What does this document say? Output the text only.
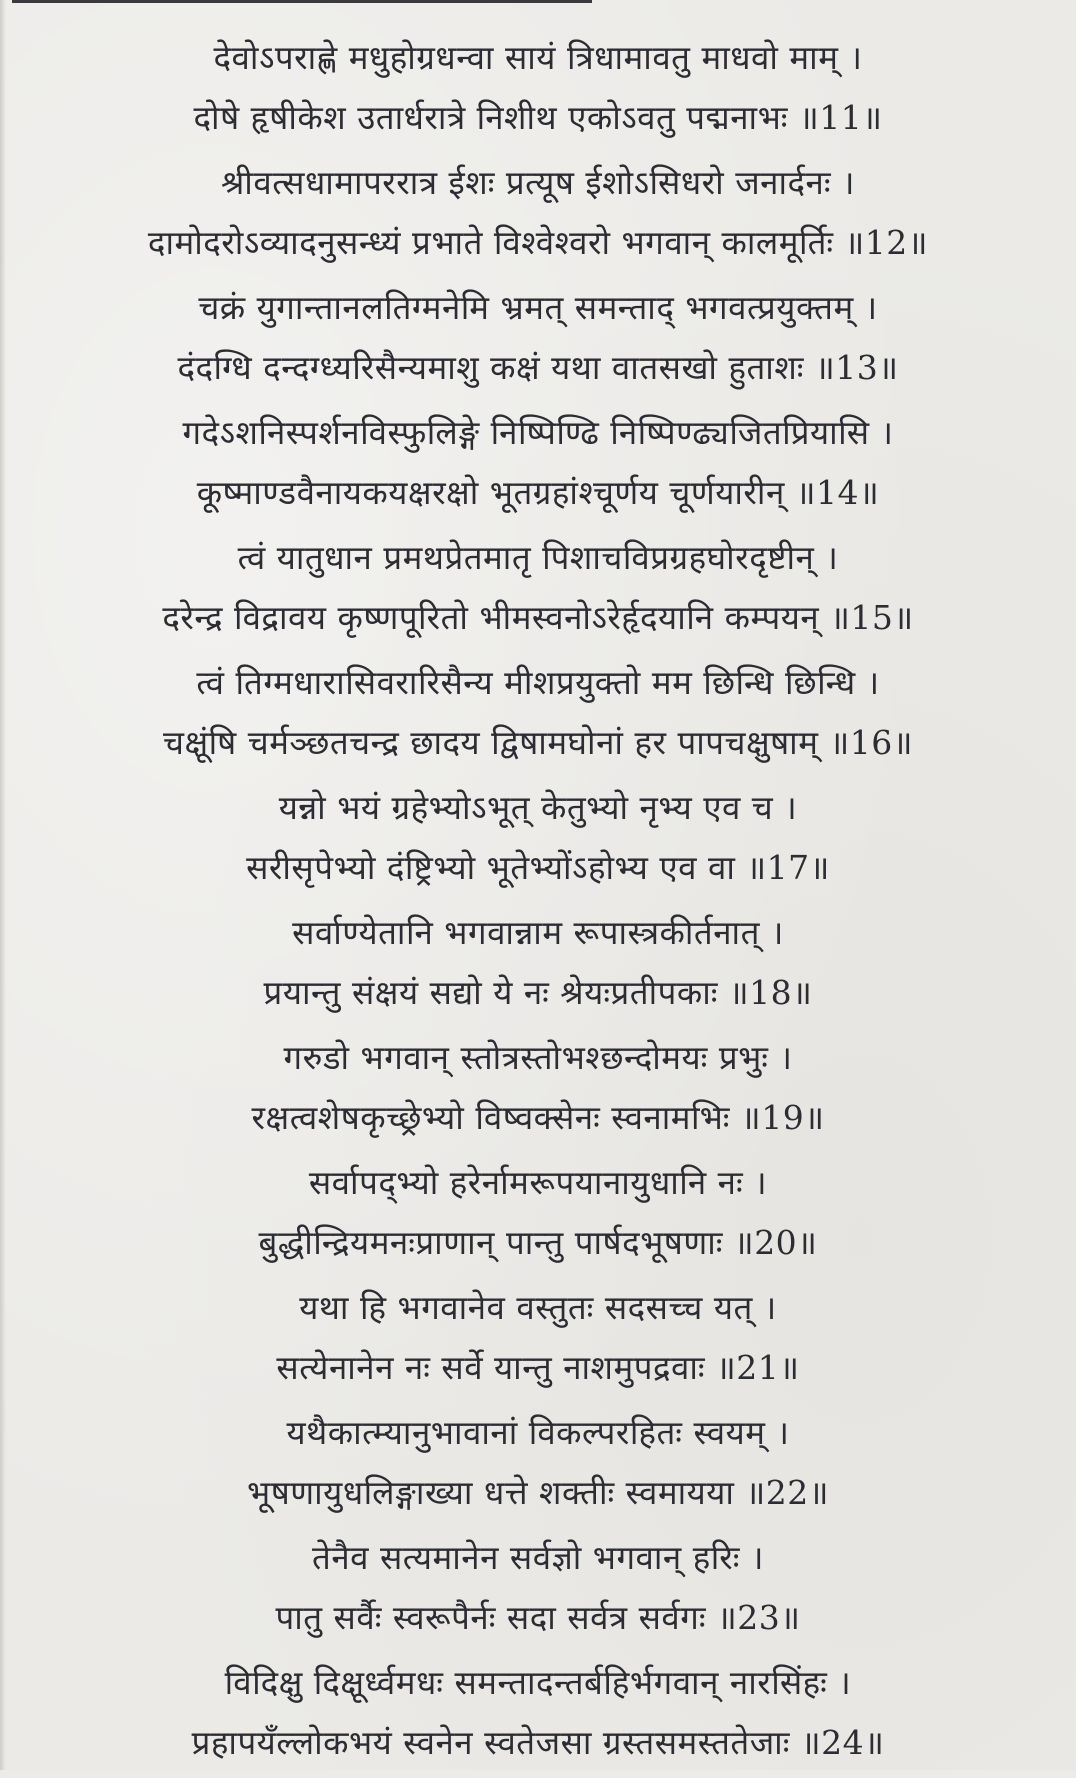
देवोऽपराह्णे मधुहोग्रधन्वा सायं त्रिधामावतु माधवो माम् ।
दोषे हृषीकेश उतार्धरात्रे निशीथ एकोऽवतु पद्मनाभः ॥11॥
श्रीवत्सधामापररात्र ईशः प्रत्यूष ईशोऽसिधरो जनार्दनः ।
दामोदरोऽव्यादनुसन्ध्यं प्रभाते विश्वेश्वरो भगवान् कालमूर्तिः ॥12॥
चक्रं युगान्तानलतिग्मनेमि भ्रमत् समन्ताद् भगवत्प्रयुक्तम् ।
दंदग्धि दन्दग्ध्यरिसैन्यमाशु कक्षं यथा वातसखो हुताशः ॥13॥
गदेऽशनिस्पर्शनविस्फुलिङ्गे निष्पिण्ढि निष्पिण्ढ्यजितप्रियासि ।
कूष्माण्डवैनायकयक्षरक्षो भूतग्रहांश्चूर्णय चूर्णयारीन् ॥14॥
त्वं यातुधान प्रमथप्रेतमातृ पिशाचविप्रग्रहघोरदृष्टीन् ।
दरेन्द्र विद्रावय कृष्णपूरितो भीमस्वनोऽरेर्हृदयानि कम्पयन् ॥15॥
त्वं तिग्मधारासिवरारिसैन्य मीशप्रयुक्तो मम छिन्धि छिन्धि ।
चक्षूंषि चर्मञ्छतचन्द्र छादय द्विषामघोनां हर पापचक्षुषाम् ॥16॥
यन्नो भयं ग्रहेभ्योऽभूत् केतुभ्यो नृभ्य एव च ।
सरीसृपेभ्यो दंष्ट्रिभ्यो भूतेभ्योंऽहोभ्य एव वा ॥17॥
सर्वाण्येतानि भगवान्नाम रूपास्त्रकीर्तनात् ।
प्रयान्तु संक्षयं सद्यो ये नः श्रेयःप्रतीपकाः ॥18॥
गरुडो भगवान् स्तोत्रस्तोभश्छन्दोमयः प्रभुः ।
रक्षत्वशेषकृच्छ्रेभ्यो विष्वक्सेनः स्वनामभिः ॥19॥
सर्वापद्भ्यो हरेर्नामरूपयानायुधानि नः ।
बुद्धीन्द्रियमनःप्राणान् पान्तु पार्षदभूषणाः ॥20॥
यथा हि भगवानेव वस्तुतः सदसच्च यत् ।
सत्येनानेन नः सर्वे यान्तु नाशमुपद्रवाः ॥21॥
यथैकात्म्यानुभावानां विकल्परहितः स्वयम् ।
भूषणायुधलिङ्गाख्या धत्ते शक्तीः स्वमायया ॥22॥
तेनैव सत्यमानेन सर्वज्ञो भगवान् हरिः ।
पातु सर्वैः स्वरूपैर्नः सदा सर्वत्र सर्वगः ॥23॥
विदिक्षु दिक्षूर्ध्वमधः समन्तादन्तर्बहिर्भगवान् नारसिंहः ।
प्रहापयँल्लोकभयं स्वनेन स्वतेजसा ग्रस्तसमस्ततेजाः ॥24॥
